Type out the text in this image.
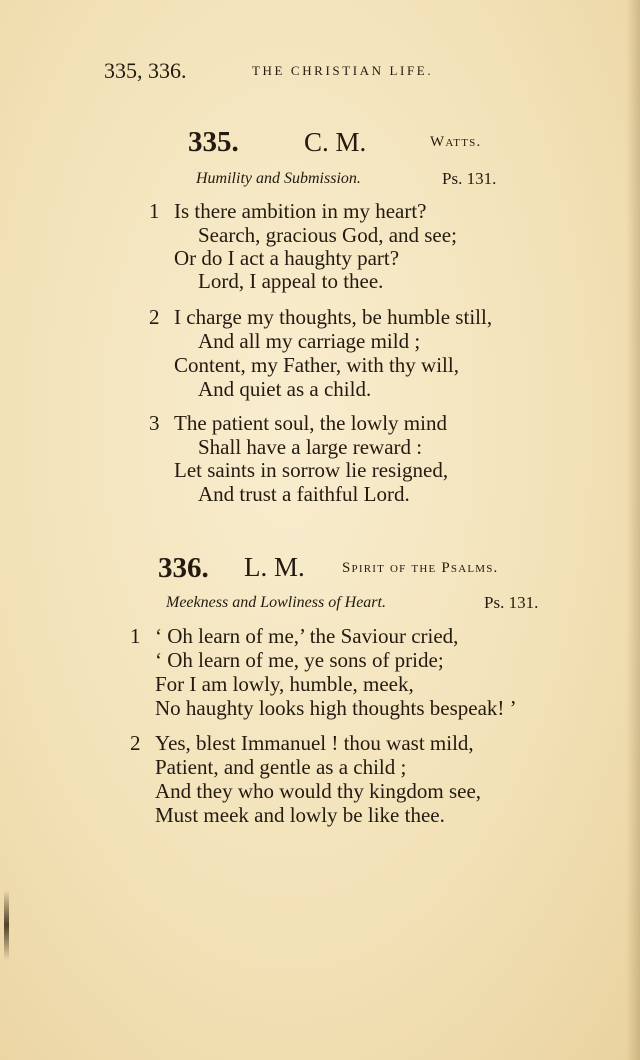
335, 336.	THE CHRISTIAN LIFE.
335. C. M.	Watts.
Humility and Submission.	Ps. 131.
1 Is there ambition in my heart?
Search, gracious God, and see;
Or do I act a haughty part?
Lord, I appeal to thee.
2 I charge my thoughts, be humble still,
And all my carriage mild ;
Content, my Father, with thy will,
And quiet as a child.
3 The patient soul, the lowly mind
Shall have a large reward :
Let saints in sorrow lie resigned,
And trust a faithful Lord.
336. L. M. Spirit of the Psalms.
Meekness and Lowliness of Heart.	Ps. 131.
1 ‘ Oh learn of me,’ the Saviour cried,
‘ Oh learn of me, ye sons of pride;
For I am lowly, humble, meek,
No haughty looks high thoughts bespeak! ’
2 Yes, blest Immanuel ! thou wast mild,
Patient, and gentle as a child ;
And they who would thy kingdom see,
Must meek and lowly be like thee.
